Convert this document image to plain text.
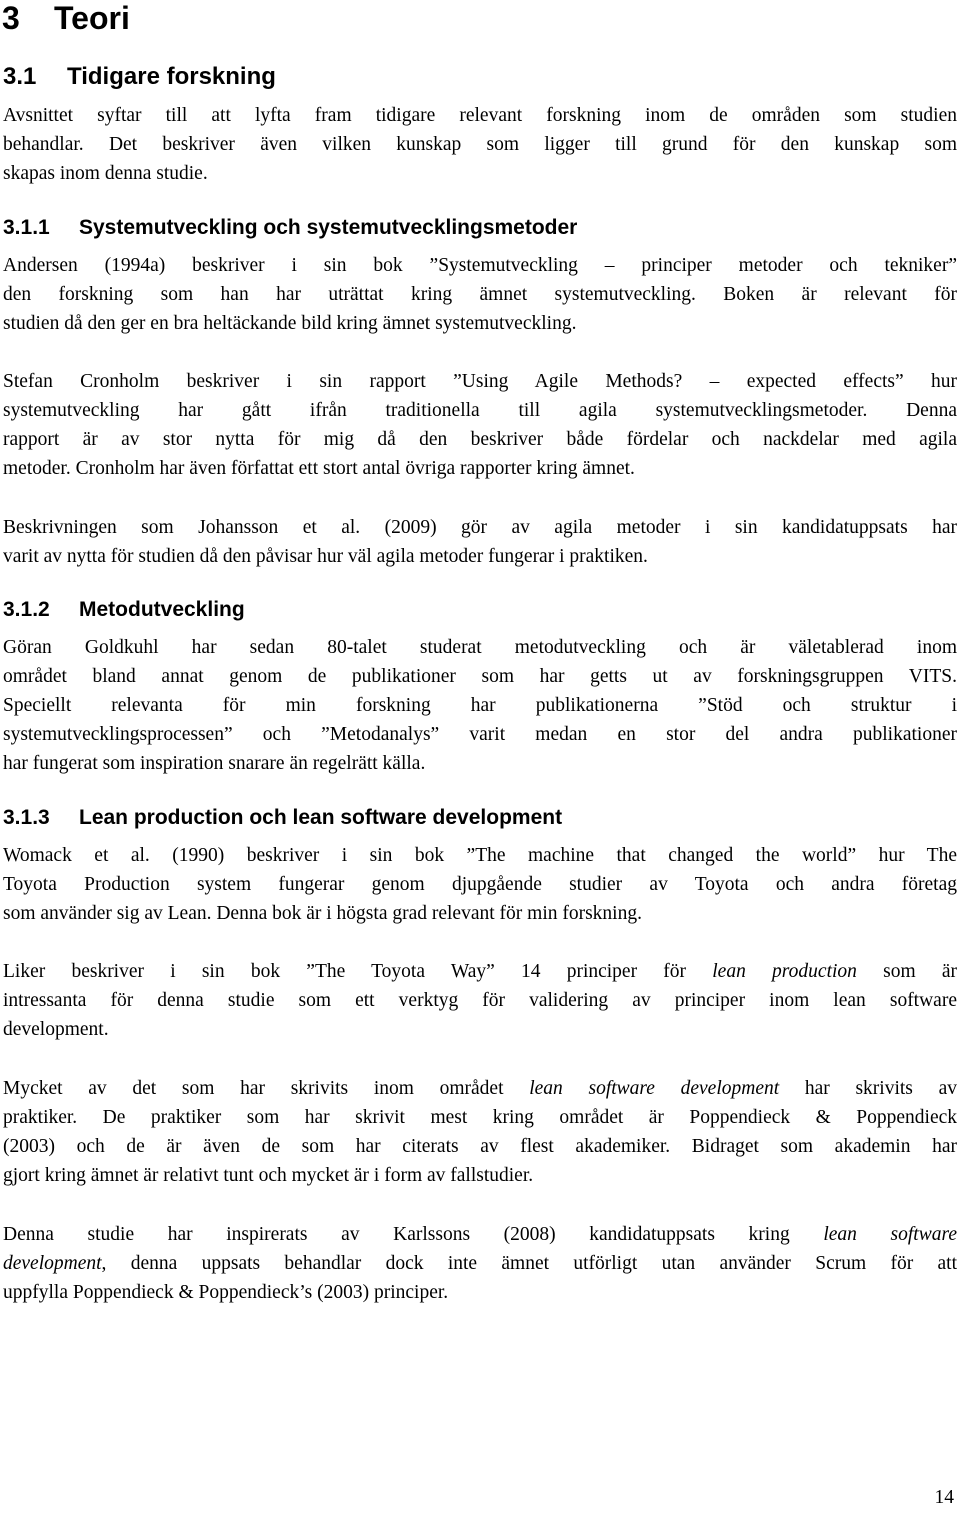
3 Teori
3.1 Tidigare forskning
Avsnittet syftar till att lyfta fram tidigare relevant forskning inom de områden som studien
behandlar. Det beskriver även vilken kunskap som ligger till grund för den kunskap som
skapas inom denna studie.
3.1.1 Systemutveckling och systemutvecklingsmetoder
Andersen (1994a) beskriver i sin bok ”Systemutveckling – principer metoder och tekniker”
den forskning som han har uträttat kring ämnet systemutveckling. Boken är relevant för
studien då den ger en bra heltäckande bild kring ämnet systemutveckling.
Stefan Cronholm beskriver i sin rapport ”Using Agile Methods? – expected effects” hur
systemutveckling har gått ifrån traditionella till agila systemutvecklingsmetoder. Denna
rapport är av stor nytta för mig då den beskriver både fördelar och nackdelar med agila
metoder. Cronholm har även författat ett stort antal övriga rapporter kring ämnet.
Beskrivningen som Johansson et al. (2009) gör av agila metoder i sin kandidatuppsats har
varit av nytta för studien då den påvisar hur väl agila metoder fungerar i praktiken.
3.1.2 Metodutveckling
Göran Goldkuhl har sedan 80-talet studerat metodutveckling och är väletablerad inom
området bland annat genom de publikationer som har getts ut av forskningsgruppen VITS.
Speciellt relevanta för min forskning har publikationerna ”Stöd och struktur i
systemutvecklingsprocessen” och ”Metodanalys” varit medan en stor del andra publikationer
har fungerat som inspiration snarare än regelrätt källa.
3.1.3 Lean production och lean software development
Womack et al. (1990) beskriver i sin bok ”The machine that changed the world” hur The
Toyota Production system fungerar genom djupgående studier av Toyota och andra företag
som använder sig av Lean. Denna bok är i högsta grad relevant för min forskning.
Liker beskriver i sin bok ”The Toyota Way” 14 principer för lean production som är
intressanta för denna studie som ett verktyg för validering av principer inom lean software
development.
Mycket av det som har skrivits inom området lean software development har skrivits av
praktiker. De praktiker som har skrivit mest kring området är Poppendieck & Poppendieck
(2003) och de är även de som har citerats av flest akademiker. Bidraget som akademin har
gjort kring ämnet är relativt tunt och mycket är i form av fallstudier.
Denna studie har inspirerats av Karlssons (2008) kandidatuppsats kring lean software
development, denna uppsats behandlar dock inte ämnet utförligt utan använder Scrum för att
uppfylla Poppendieck & Poppendieck’s (2003) principer.
14
